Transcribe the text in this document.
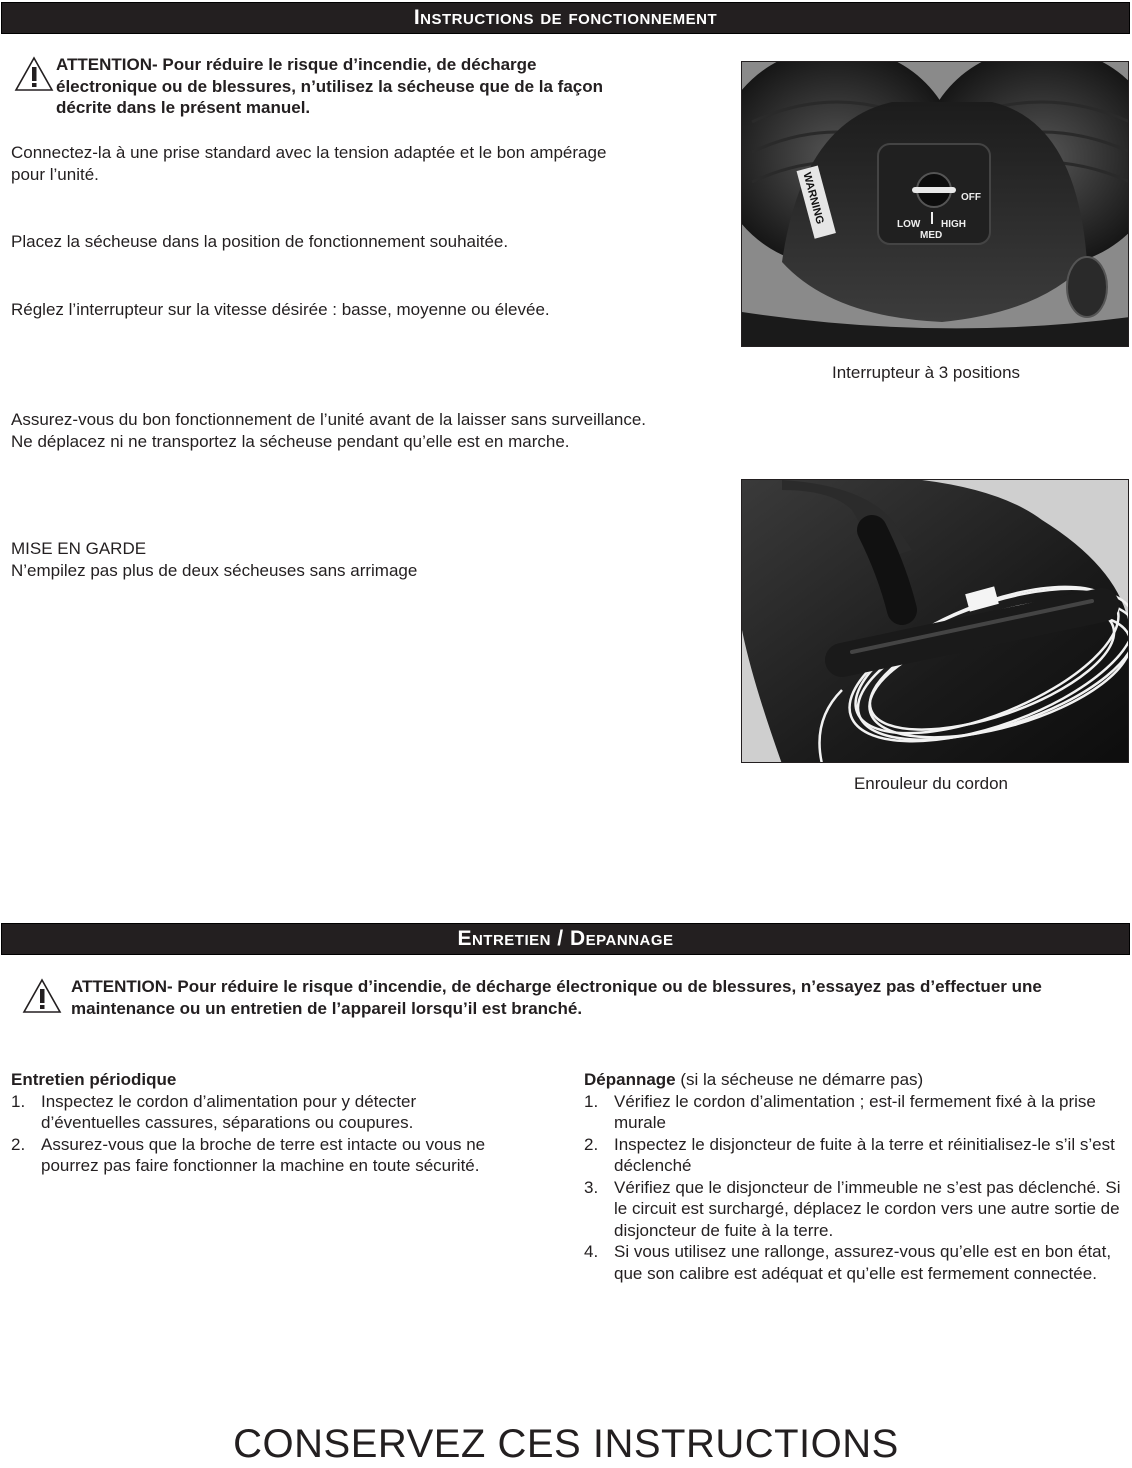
Instructions de fonctionnement

ATTENTION- Pour réduire le risque d’incendie, de décharge électronique ou de blessures, n’utilisez la sécheuse que de la façon décrite dans le présent manuel.

Connectez-la à une prise standard avec la tension adaptée et le bon ampérage pour l’unité.

Placez la sécheuse dans la position de fonctionnement souhaitée.

Réglez l’interrupteur sur la vitesse désirée : basse, moyenne ou élevée.

Assurez-vous du bon fonctionnement de l’unité avant de la laisser sans surveillance. Ne déplacez ni ne transportez la sécheuse pendant qu’elle est en marche.

MISE EN GARDE

N’empilez pas plus de deux sécheuses sans arrimage

OFF
LOW HIGH
MED
WARNING
Interrupteur à 3 positions
Enrouleur du cordon
Entretien / Depannage

ATTENTION- Pour réduire le risque d’incendie, de décharge électronique ou de blessures, n’essayez pas d’effectuer une maintenance ou un entretien de l’appareil lorsqu’il est branché.

Entretien périodique

1. Inspectez le cordon d’alimentation pour y détecter d’éventuelles cassures, séparations ou coupures.
2. Assurez-vous que la broche de terre est intacte ou vous ne pourrez pas faire fonctionner la machine en toute sécurité.

Dépannage (si la sécheuse ne démarre pas)

1. Vérifiez le cordon d’alimentation ; est-il fermement fixé à la prise murale
2. Inspectez le disjoncteur de fuite à la terre et réinitialisez-le s’il s’est déclenché
3. Vérifiez que le disjoncteur de l’immeuble ne s’est pas déclenché. Si le circuit est surchargé, déplacez le cordon vers une autre sortie de disjoncteur de fuite à la terre.
4. Si vous utilisez une rallonge, assurez-vous qu’elle est en bon état, que son calibre est adéquat et qu’elle est fermement connectée.
CONSERVEZ CES INSTRUCTIONS
